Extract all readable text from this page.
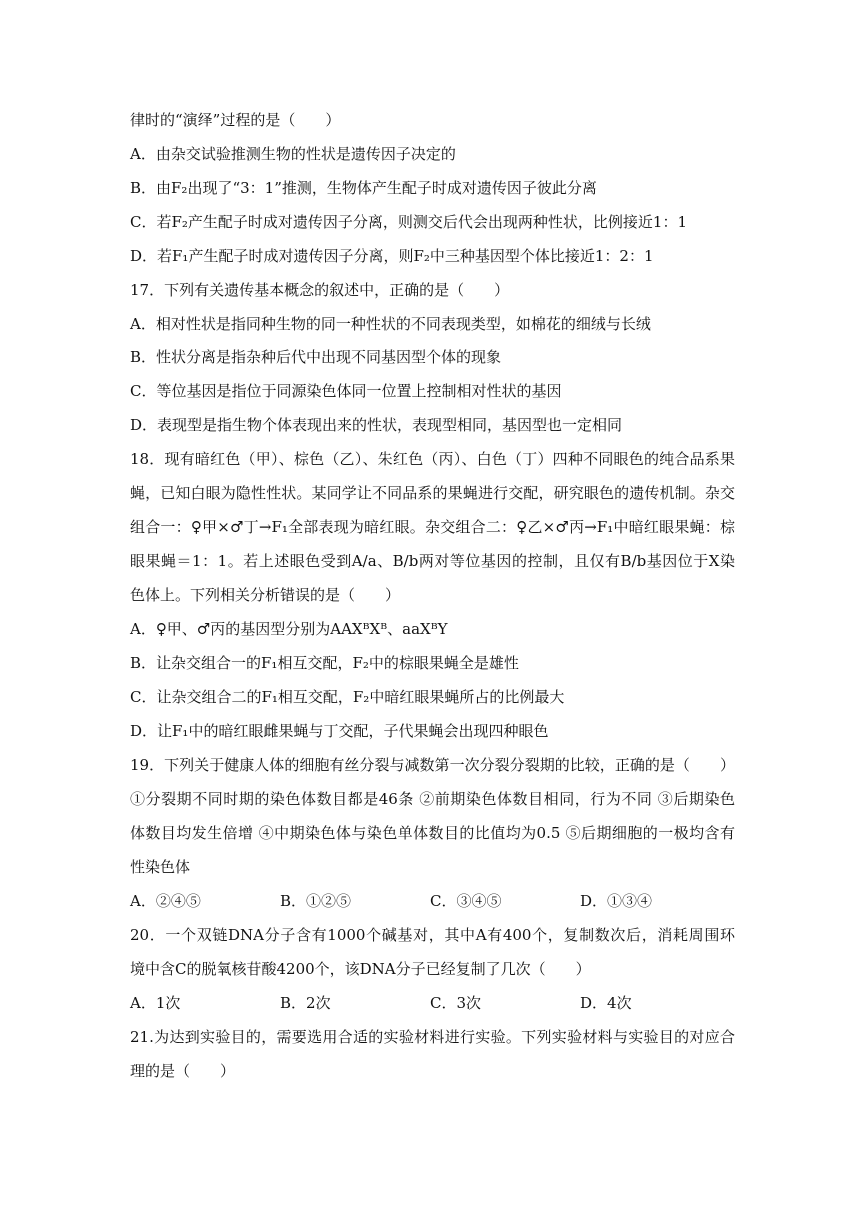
律时的“演绎”过程的是（　　）
A．由杂交试验推测生物的性状是遗传因子决定的
B．由F₂出现了“3：1”推测，生物体产生配子时成对遗传因子彼此分离
C．若F₂产生配子时成对遗传因子分离，则测交后代会出现两种性状，比例接近1：1
D．若F₁产生配子时成对遗传因子分离，则F₂中三种基因型个体比接近1：2：1
17．下列有关遗传基本概念的叙述中，正确的是（　　）
A．相对性状是指同种生物的同一种性状的不同表现类型，如棉花的细绒与长绒
B．性状分离是指杂种后代中出现不同基因型个体的现象
C．等位基因是指位于同源染色体同一位置上控制相对性状的基因
D．表现型是指生物个体表现出来的性状，表现型相同，基因型也一定相同
18．现有暗红色（甲）、棕色（乙）、朱红色（丙）、白色（丁）四种不同眼色的纯合品系果
蝇，已知白眼为隐性性状。某同学让不同品系的果蝇进行交配，研究眼色的遗传机制。杂交
组合一：♀甲×♂丁→F₁全部表现为暗红眼。杂交组合二：♀乙×♂丙→F₁中暗红眼果蝇：棕
眼果蝇＝1：1。若上述眼色受到A/a、B/b两对等位基因的控制，且仅有B/b基因位于X染
色体上。下列相关分析错误的是（　　）
A．♀甲、♂丙的基因型分别为AAXᴮXᴮ、aaXᴮY
B．让杂交组合一的F₁相互交配，F₂中的棕眼果蝇全是雄性
C．让杂交组合二的F₁相互交配，F₂中暗红眼果蝇所占的比例最大
D．让F₁中的暗红眼雌果蝇与丁交配，子代果蝇会出现四种眼色
19．下列关于健康人体的细胞有丝分裂与减数第一次分裂分裂期的比较，正确的是（　　）
①分裂期不同时期的染色体数目都是46条 ②前期染色体数目相同，行为不同 ③后期染色
体数目均发生倍增 ④中期染色体与染色单体数目的比值均为0.5 ⑤后期细胞的一极均含有
性染色体
A．②④⑤	B．①②⑤	C．③④⑤	D．①③④
20．一个双链DNA分子含有1000个碱基对，其中A有400个，复制数次后，消耗周围环
境中含C的脱氧核苷酸4200个，该DNA分子已经复制了几次（　　）
A．1次	B．2次	C．3次	D．4次
21.为达到实验目的，需要选用合适的实验材料进行实验。下列实验材料与实验目的对应合
理的是（　　）
